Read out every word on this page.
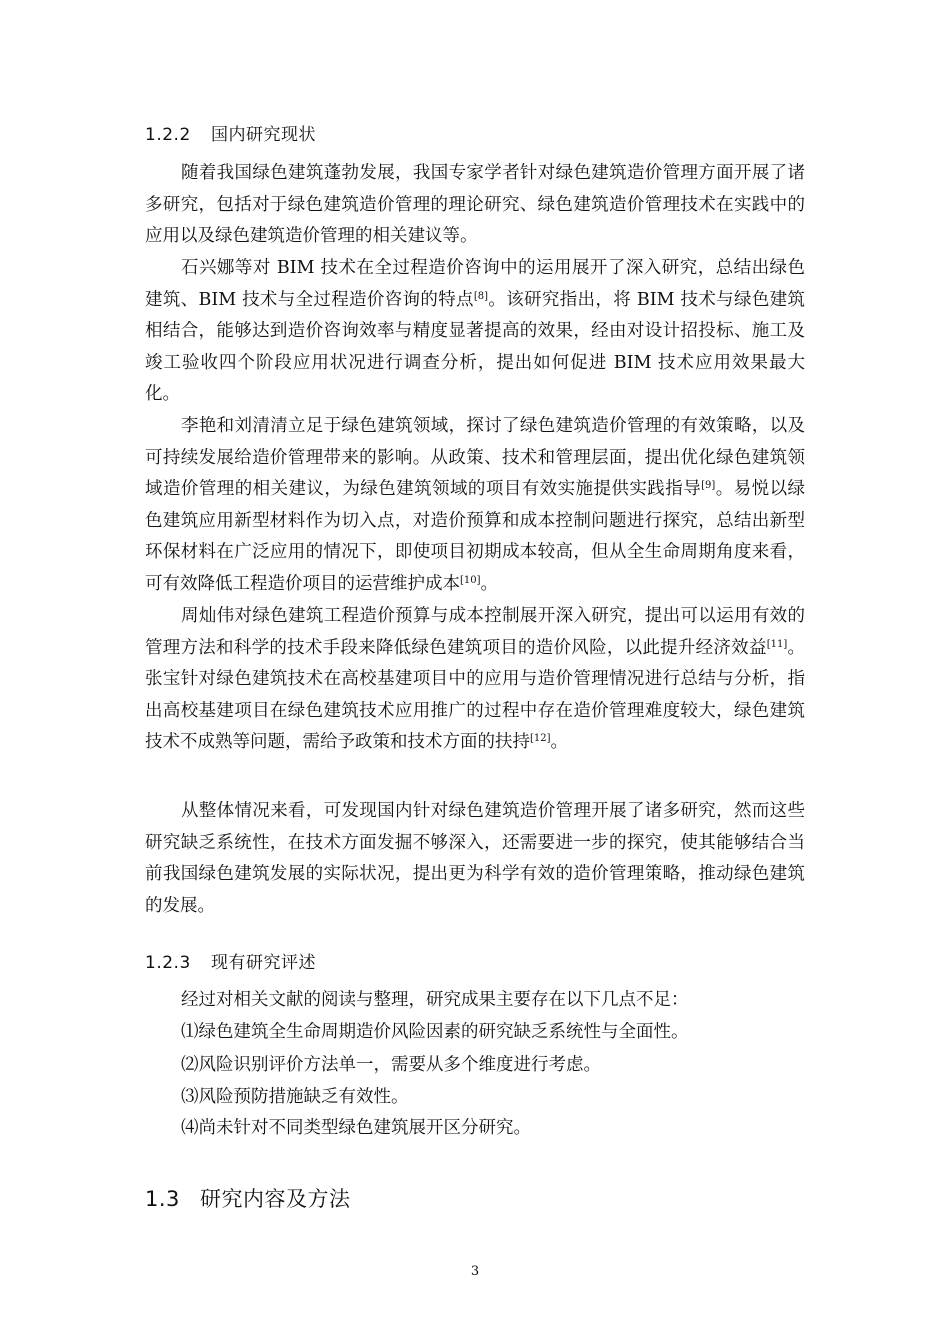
1.2.2 国内研究现状

随着我国绿色建筑蓬勃发展，我国专家学者针对绿色建筑造价管理方面开展了诸多研究，包括对于绿色建筑造价管理的理论研究、绿色建筑造价管理技术在实践中的应用以及绿色建筑造价管理的相关建议等。

石兴娜等对 BIM 技术在全过程造价咨询中的运用展开了深入研究，总结出绿色建筑、BIM 技术与全过程造价咨询的特点[8]。该研究指出，将 BIM 技术与绿色建筑相结合，能够达到造价咨询效率与精度显著提高的效果，经由对设计招投标、施工及竣工验收四个阶段应用状况进行调查分析，提出如何促进 BIM 技术应用效果最大化。

李艳和刘清清立足于绿色建筑领域，探讨了绿色建筑造价管理的有效策略，以及可持续发展给造价管理带来的影响。从政策、技术和管理层面，提出优化绿色建筑领域造价管理的相关建议，为绿色建筑领域的项目有效实施提供实践指导[9]。易悦以绿色建筑应用新型材料作为切入点，对造价预算和成本控制问题进行探究，总结出新型环保材料在广泛应用的情况下，即使项目初期成本较高，但从全生命周期角度来看，可有效降低工程造价项目的运营维护成本[10]。

周灿伟对绿色建筑工程造价预算与成本控制展开深入研究，提出可以运用有效的管理方法和科学的技术手段来降低绿色建筑项目的造价风险，以此提升经济效益[11]。张宝针对绿色建筑技术在高校基建项目中的应用与造价管理情况进行总结与分析，指出高校基建项目在绿色建筑技术应用推广的过程中存在造价管理难度较大，绿色建筑技术不成熟等问题，需给予政策和技术方面的扶持[12]。

从整体情况来看，可发现国内针对绿色建筑造价管理开展了诸多研究，然而这些研究缺乏系统性，在技术方面发掘不够深入，还需要进一步的探究，使其能够结合当前我国绿色建筑发展的实际状况，提出更为科学有效的造价管理策略，推动绿色建筑的发展。

1.2.3 现有研究评述
经过对相关文献的阅读与整理，研究成果主要存在以下几点不足：
⑴绿色建筑全生命周期造价风险因素的研究缺乏系统性与全面性。
⑵风险识别评价方法单一，需要从多个维度进行考虑。
⑶风险预防措施缺乏有效性。
⑷尚未针对不同类型绿色建筑展开区分研究。
1.3 研究内容及方法
3
